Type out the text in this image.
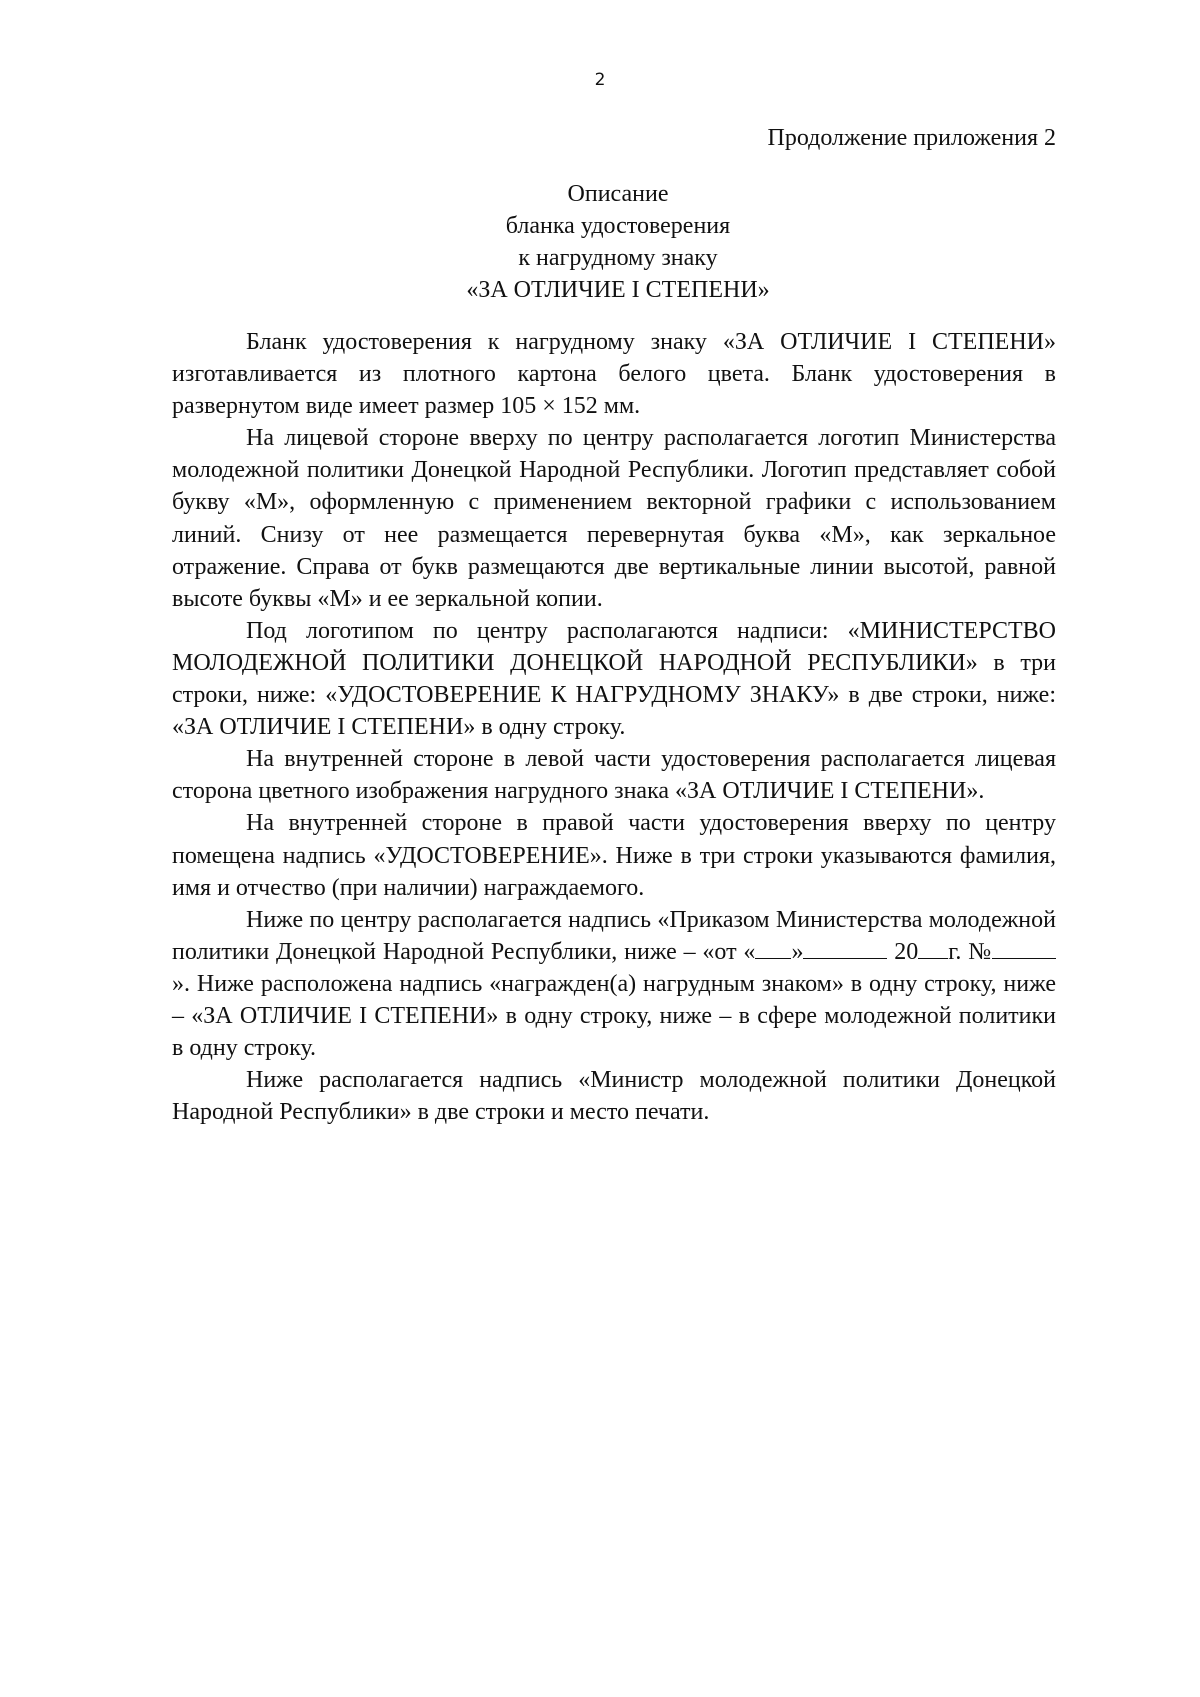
2
Продолжение приложения 2
Описание
бланка удостоверения
к нагрудному знаку
«ЗА ОТЛИЧИЕ I СТЕПЕНИ»

Бланк удостоверения к нагрудному знаку «ЗА ОТЛИЧИЕ I СТЕПЕНИ» изготавливается из плотного картона белого цвета. Бланк удостоверения в развернутом виде имеет размер 105 × 152 мм.

На лицевой стороне вверху по центру располагается логотип Министерства молодежной политики Донецкой Народной Республики. Логотип представляет собой букву «М», оформленную с применением векторной графики с использованием линий. Снизу от нее размещается перевернутая буква «М», как зеркальное отражение. Справа от букв размещаются две вертикальные линии высотой, равной высоте буквы «М» и ее зеркальной копии.

Под логотипом по центру располагаются надписи: «МИНИСТЕРСТВО МОЛОДЕЖНОЙ ПОЛИТИКИ ДОНЕЦКОЙ НАРОДНОЙ РЕСПУБЛИКИ» в три строки, ниже: «УДОСТОВЕРЕНИЕ К НАГРУДНОМУ ЗНАКУ» в две строки, ниже: «ЗА ОТЛИЧИЕ I СТЕПЕНИ» в одну строку.

На внутренней стороне в левой части удостоверения располагается лицевая сторона цветного изображения нагрудного знака «ЗА ОТЛИЧИЕ I СТЕПЕНИ».

На внутренней стороне в правой части удостоверения вверху по центру помещена надпись «УДОСТОВЕРЕНИЕ». Ниже в три строки указываются фамилия, имя и отчество (при наличии) награждаемого.

Ниже по центру располагается надпись «Приказом Министерства молодежной политики Донецкой Народной Республики, ниже – «от « »	20 г. №». Ниже расположена надпись «награжден(а) нагрудным знаком» в одну строку, ниже – «ЗА ОТЛИЧИЕ I СТЕПЕНИ» в одну строку, ниже – в сфере молодежной политики в одну строку.

Ниже располагается надпись «Министр молодежной политики Донецкой Народной Республики» в две строки и место печати.
